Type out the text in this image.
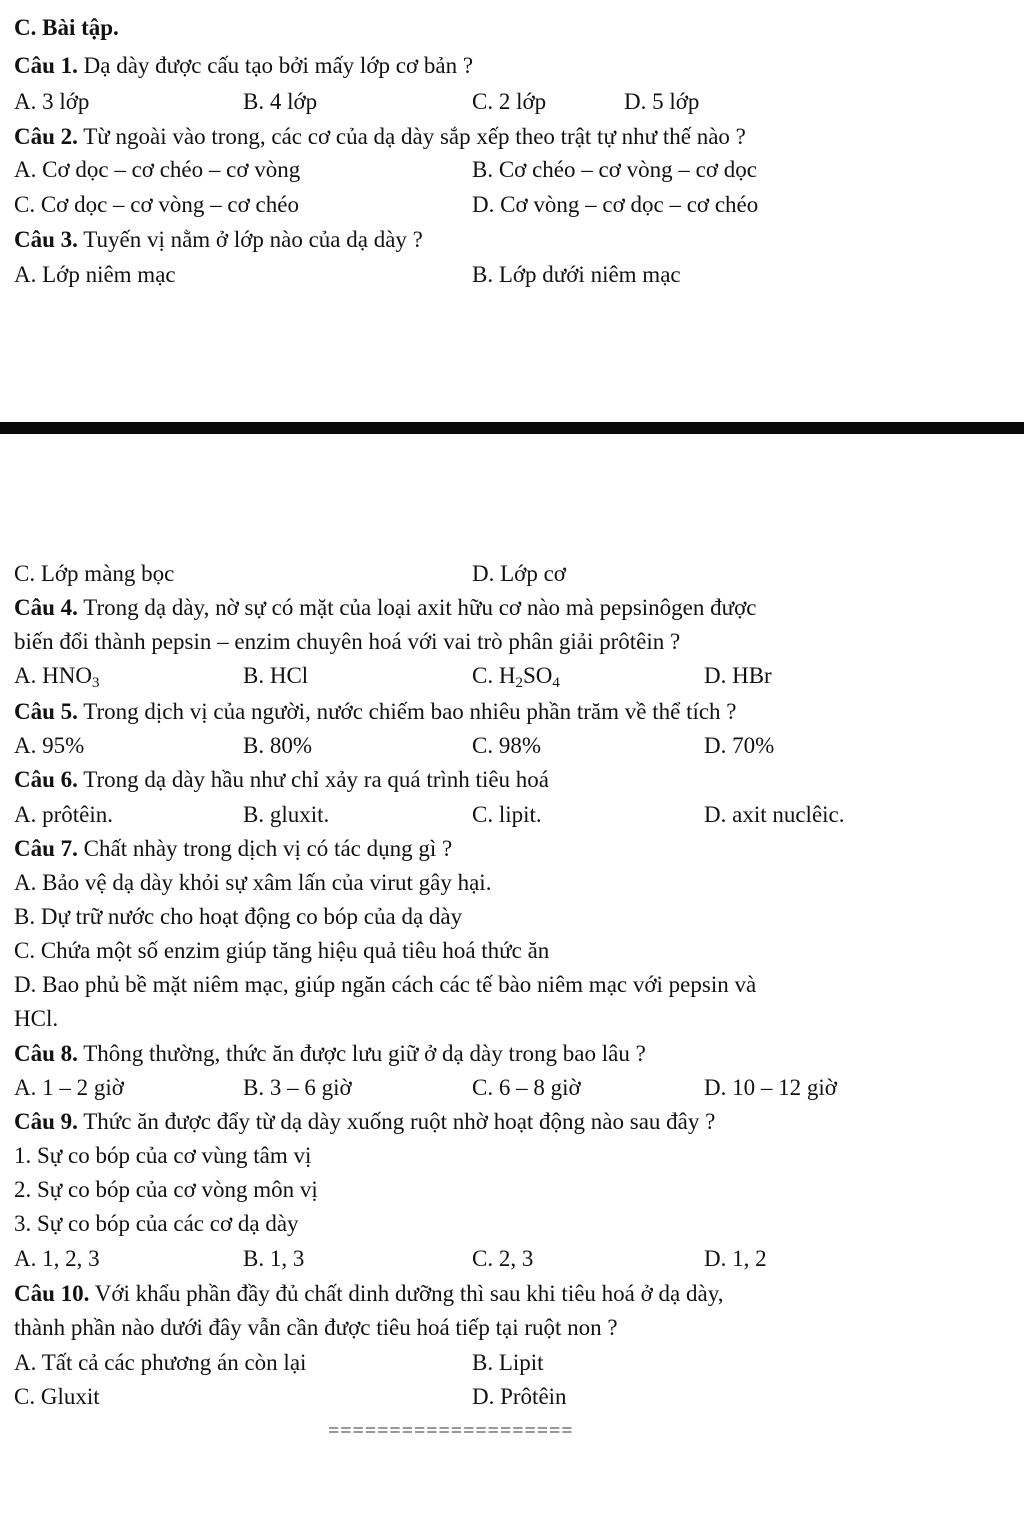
C. Bài tập.
Câu 1. Dạ dày được cấu tạo bởi mấy lớp cơ bản ?
A. 3 lớp	B. 4 lớp	C. 2 lớp	D. 5 lớp
Câu 2. Từ ngoài vào trong, các cơ của dạ dày sắp xếp theo trật tự như thế nào ?
A. Cơ dọc – cơ chéo – cơ vòng	B. Cơ chéo – cơ vòng – cơ dọc
C. Cơ dọc – cơ vòng – cơ chéo	D. Cơ vòng – cơ dọc – cơ chéo
Câu 3. Tuyến vị nằm ở lớp nào của dạ dày ?
A. Lớp niêm mạc	B. Lớp dưới niêm mạc
C. Lớp màng bọc	D. Lớp cơ
Câu 4. Trong dạ dày, nờ sự có mặt của loại axit hữu cơ nào mà pepsinôgen được
biến đổi thành pepsin – enzim chuyên hoá với vai trò phân giải prôtêin ?
A. $HNO_3$	B. HCl	C. $H_2SO_4$	D. HBr
Câu 5. Trong dịch vị của người, nước chiếm bao nhiêu phần trăm về thể tích ?
A. 95%	B. 80%	C. 98%	D. 70%
Câu 6. Trong dạ dày hầu như chỉ xảy ra quá trình tiêu hoá
A. prôtêin.	B. gluxit.	C. lipit.	D. axit nuclêic.
Câu 7. Chất nhày trong dịch vị có tác dụng gì ?
A. Bảo vệ dạ dày khỏi sự xâm lấn của virut gây hại.
B. Dự trữ nước cho hoạt động co bóp của dạ dày
C. Chứa một số enzim giúp tăng hiệu quả tiêu hoá thức ăn
D. Bao phủ bề mặt niêm mạc, giúp ngăn cách các tế bào niêm mạc với pepsin và
HCl.
Câu 8. Thông thường, thức ăn được lưu giữ ở dạ dày trong bao lâu ?
A. 1 – 2 giờ	B. 3 – 6 giờ	C. 6 – 8 giờ	D. 10 – 12 giờ
Câu 9. Thức ăn được đẩy từ dạ dày xuống ruột nhờ hoạt động nào sau đây ?
1. Sự co bóp của cơ vùng tâm vị
2. Sự co bóp của cơ vòng môn vị
3. Sự co bóp của các cơ dạ dày
A. 1, 2, 3	B. 1, 3	C. 2, 3	D. 1, 2
Câu 10. Với khẩu phần đầy đủ chất dinh dưỡng thì sau khi tiêu hoá ở dạ dày,
thành phần nào dưới đây vẫn cần được tiêu hoá tiếp tại ruột non ?
A. Tất cả các phương án còn lại	B. Lipit
C. Gluxit	D. Prôtêin
====================
